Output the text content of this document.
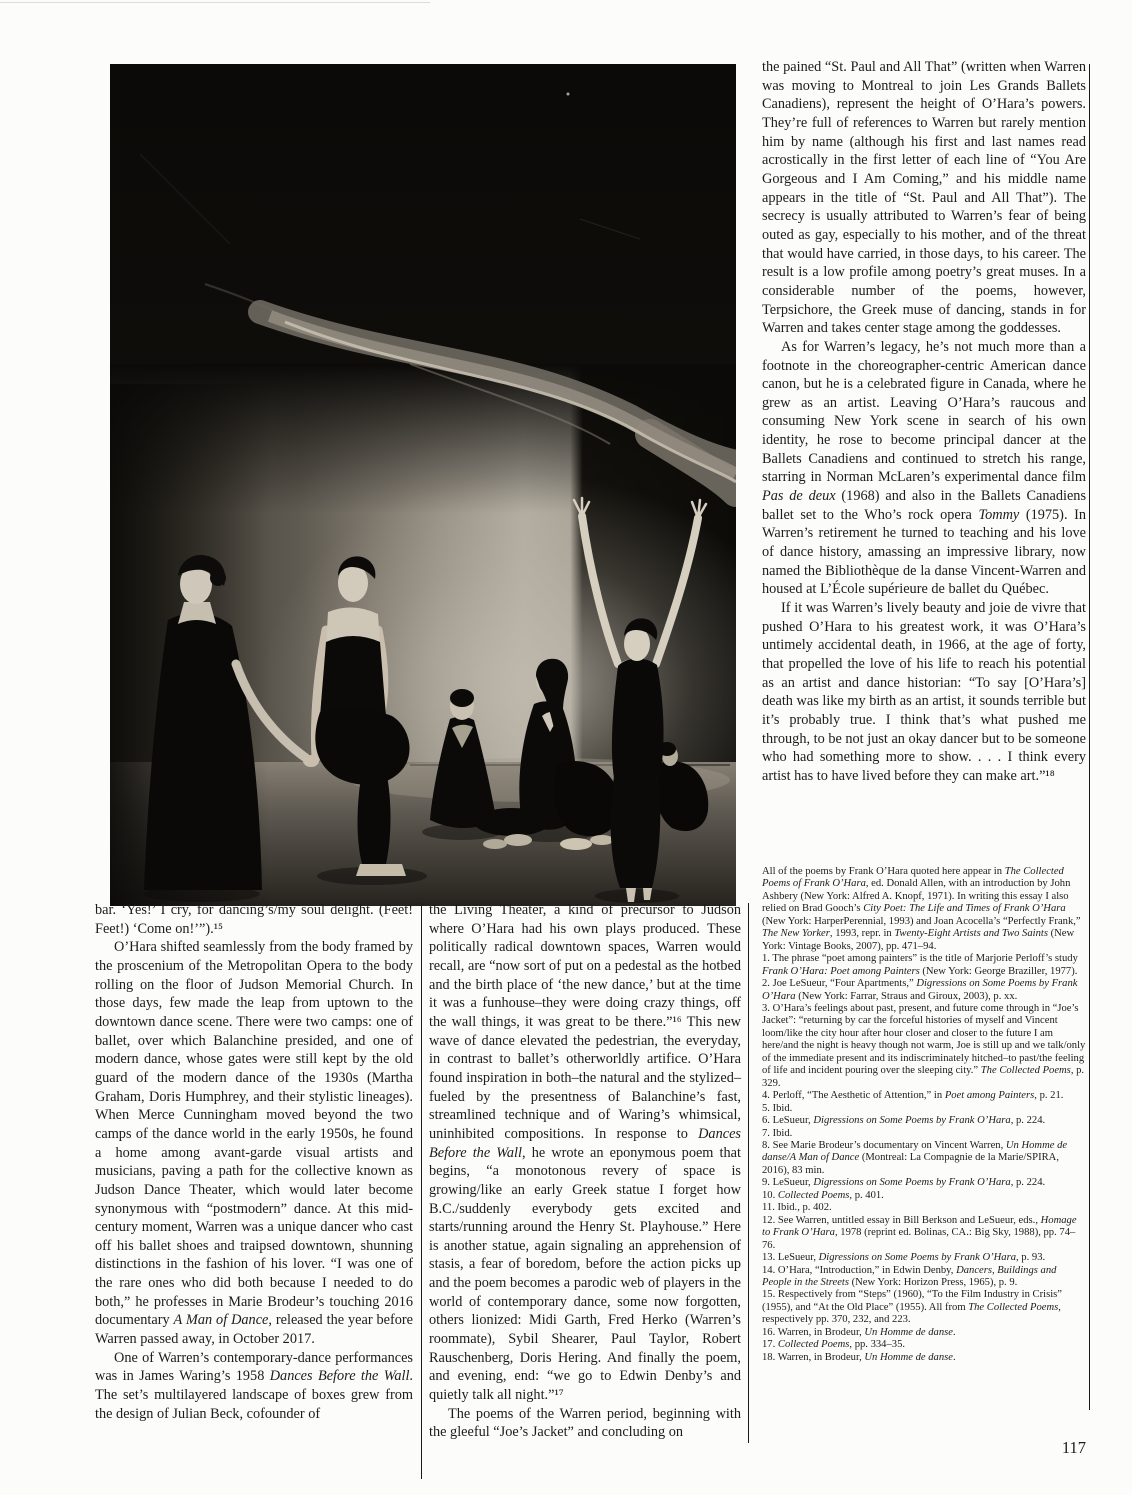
the pained “St. Paul and All That” (written when Warren was moving to Montreal to join Les Grands Ballets Canadiens), represent the height of O’Hara’s powers. They’re full of references to Warren but rarely mention him by name (although his first and last names read acrostically in the first letter of each line of “You Are Gorgeous and I Am Coming,” and his middle name appears in the title of “St. Paul and All That”). The secrecy is usually attributed to Warren’s fear of being outed as gay, especially to his mother, and of the threat that would have carried, in those days, to his career. The result is a low profile among poetry’s great muses. In a considerable number of the poems, however, Terpsichore, the Greek muse of dancing, stands in for Warren and takes center stage among the goddesses.

As for Warren’s legacy, he’s not much more than a footnote in the choreographer-centric American dance canon, but he is a celebrated figure in Canada, where he grew as an artist. Leaving O’Hara’s raucous and consuming New York scene in search of his own identity, he rose to become principal dancer at the Ballets Canadiens and continued to stretch his range, starring in Norman McLaren’s experimental dance film Pas de deux (1968) and also in the Ballets Canadiens ballet set to the Who’s rock opera Tommy (1975). In Warren’s retirement he turned to teaching and his love of dance history, amassing an impressive library, now named the Bibliothèque de la danse Vincent-Warren and housed at L’École supérieure de ballet du Québec.

If it was Warren’s lively beauty and joie de vivre that pushed O’Hara to his greatest work, it was O’Hara’s untimely accidental death, in 1966, at the age of forty, that propelled the love of his life to reach his potential as an artist and dance historian: “To say [O’Hara’s] death was like my birth as an artist, it sounds terrible but it’s probably true. I think that’s what pushed me through, to be not just an okay dancer but to be someone who had something more to show. . . . I think every artist has to have lived before they can make art.”¹⁸

bar. ‘Yes!’ I cry, for dancing’s/my soul delight. (Feet! Feet!) ‘Come on!’”).¹⁵

O’Hara shifted seamlessly from the body framed by the proscenium of the Metropolitan Opera to the body rolling on the floor of Judson Memorial Church. In those days, few made the leap from uptown to the downtown dance scene. There were two camps: one of ballet, over which Balanchine presided, and one of modern dance, whose gates were still kept by the old guard of the modern dance of the 1930s (Martha Graham, Doris Humphrey, and their stylistic lineages). When Merce Cunningham moved beyond the two camps of the dance world in the early 1950s, he found a home among avant-garde visual artists and musicians, paving a path for the collective known as Judson Dance Theater, which would later become synonymous with “postmodern” dance. At this mid-century moment, Warren was a unique dancer who cast off his ballet shoes and traipsed downtown, shunning distinctions in the fashion of his lover. “I was one of the rare ones who did both because I needed to do both,” he professes in Marie Brodeur’s touching 2016 documentary A Man of Dance, released the year before Warren passed away, in October 2017.

One of Warren’s contemporary-dance performances was in James Waring’s 1958 Dances Before the Wall. The set’s multilayered landscape of boxes grew from the design of Julian Beck, cofounder of

the Living Theater, a kind of precursor to Judson where O’Hara had his own plays produced. These politically radical downtown spaces, Warren would recall, are “now sort of put on a pedestal as the hotbed and the birth place of ‘the new dance,’ but at the time it was a funhouse–they were doing crazy things, off the wall things, it was great to be there.”¹⁶ This new wave of dance elevated the pedestrian, the everyday, in contrast to ballet’s otherworldly artifice. O’Hara found inspiration in both–the natural and the stylized–fueled by the presentness of Balanchine’s fast, streamlined technique and of Waring’s whimsical, uninhibited compositions. In response to Dances Before the Wall, he wrote an eponymous poem that begins, “a monotonous revery of space is growing/like an early Greek statue I forget how B.C./suddenly everybody gets excited and starts/running around the Henry St. Playhouse.” Here is another statue, again signaling an apprehension of stasis, a fear of boredom, before the action picks up and the poem becomes a parodic web of players in the world of contemporary dance, some now forgotten, others lionized: Midi Garth, Fred Herko (Warren’s roommate), Sybil Shearer, Paul Taylor, Robert Rauschenberg, Doris Hering. And finally the poem, and evening, end: “we go to Edwin Denby’s and quietly talk all night.”¹⁷

The poems of the Warren period, beginning with the gleeful “Joe’s Jacket” and concluding on

All of the poems by Frank O’Hara quoted here appear in The Collected Poems of Frank O’Hara, ed. Donald Allen, with an introduction by John Ashbery (New York: Alfred A. Knopf, 1971). In writing this essay I also relied on Brad Gooch’s City Poet: The Life and Times of Frank O’Hara (New York: HarperPerennial, 1993) and Joan Acocella’s “Perfectly Frank,” The New Yorker, 1993, repr. in Twenty-Eight Artists and Two Saints (New York: Vintage Books, 2007), pp. 471–94.

1. The phrase “poet among painters” is the title of Marjorie Perloff’s study Frank O’Hara: Poet among Painters (New York: George Braziller, 1977).

2. Joe LeSueur, “Four Apartments,” Digressions on Some Poems by Frank O’Hara (New York: Farrar, Straus and Giroux, 2003), p. xx.

3. O’Hara’s feelings about past, present, and future come through in “Joe’s Jacket”: “returning by car the forceful histories of myself and Vincent loom/like the city hour after hour closer and closer to the future I am here/and the night is heavy though not warm, Joe is still up and we talk/only of the immediate present and its indiscriminately hitched–to past/the feeling of life and incident pouring over the sleeping city.” The Collected Poems, p. 329.

4. Perloff, “The Aesthetic of Attention,” in Poet among Painters, p. 21.

5. Ibid.

6. LeSueur, Digressions on Some Poems by Frank O’Hara, p. 224.

7. Ibid.

8. See Marie Brodeur’s documentary on Vincent Warren, Un Homme de danse/A Man of Dance (Montreal: La Compagnie de la Marie/SPIRA, 2016), 83 min.

9. LeSueur, Digressions on Some Poems by Frank O’Hara, p. 224.

10. Collected Poems, p. 401.

11. Ibid., p. 402.

12. See Warren, untitled essay in Bill Berkson and LeSueur, eds., Homage to Frank O’Hara, 1978 (reprint ed. Bolinas, CA.: Big Sky, 1988), pp. 74–76.

13. LeSueur, Digressions on Some Poems by Frank O’Hara, p. 93.

14. O’Hara, “Introduction,” in Edwin Denby, Dancers, Buildings and People in the Streets (New York: Horizon Press, 1965), p. 9.

15. Respectively from “Steps” (1960), “To the Film Industry in Crisis” (1955), and “At the Old Place” (1955). All from The Collected Poems, respectively pp. 370, 232, and 223.

16. Warren, in Brodeur, Un Homme de danse.

17. Collected Poems, pp. 334–35.

18. Warren, in Brodeur, Un Homme de danse.

117
